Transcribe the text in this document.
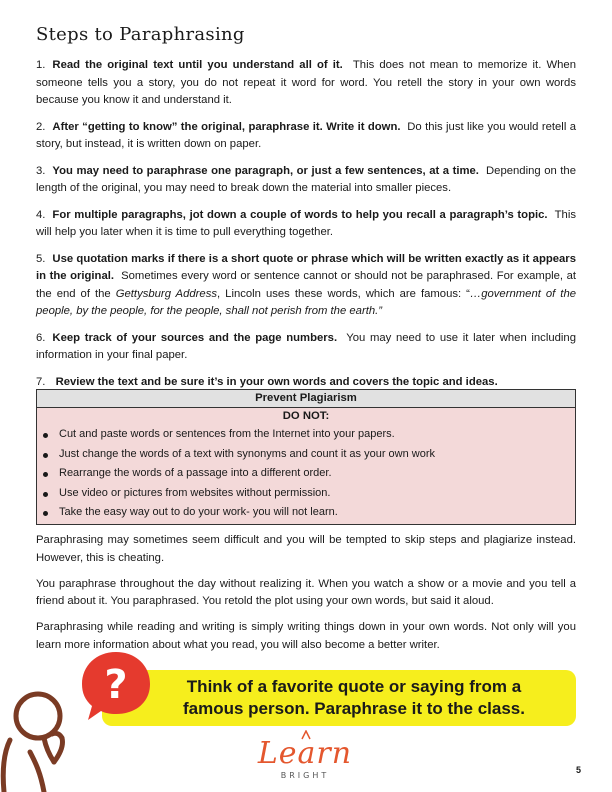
Steps to Paraphrasing

1. Read the original text until you understand all of it. This does not mean to memorize it. When someone tells you a story, you do not repeat it word for word. You retell the story in your own words because you know it and understand it.

2. After “getting to know” the original, paraphrase it. Write it down. Do this just like you would retell a story, but instead, it is written down on paper.

3. You may need to paraphrase one paragraph, or just a few sentences, at a time. Depending on the length of the original, you may need to break down the material into smaller pieces.

4. For multiple paragraphs, jot down a couple of words to help you recall a paragraph’s topic. This will help you later when it is time to pull everything together.

5. Use quotation marks if there is a short quote or phrase which will be written exactly as it appears in the original. Sometimes every word or sentence cannot or should not be paraphrased. For example, at the end of the Gettysburg Address, Lincoln uses these words, which are famous: “…government of the people, by the people, for the people, shall not perish from the earth.”

6. Keep track of your sources and the page numbers. You may need to use it later when including information in your final paper.

7. Review the text and be sure it’s in your own words and covers the topic and ideas.

Prevent Plagiarism
DO NOT:
Cut and paste words or sentences from the Internet into your papers.
Just change the words of a text with synonyms and count it as your own work
Rearrange the words of a passage into a different order.
Use video or pictures from websites without permission.
Take the easy way out to do your work- you will not learn.

Paraphrasing may sometimes seem difficult and you will be tempted to skip steps and plagiarize instead. However, this is cheating.

You paraphrase throughout the day without realizing it. When you watch a show or a movie and you tell a friend about it. You paraphrased. You retold the plot using your own words, but said it aloud.

Paraphrasing while reading and writing is simply writing things down in your own words. Not only will you learn more information about what you read, you will also become a better writer.

Think of a favorite quote or saying from a
famous person. Paraphrase it to the class.
?
Learn
BRIGHT
5
